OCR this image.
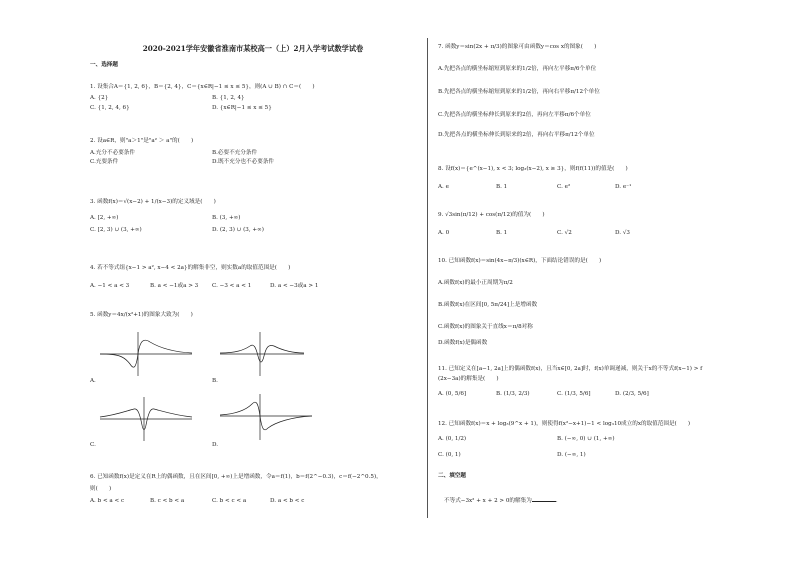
2020-2021学年安徽省淮南市某校高一（上）2月入学考试数学试卷
一、选择题
1. 设集合A＝{1, 2, 6}，B＝{2, 4}，C＝{x∈R|−1 ≤ x ≤ 5}，则(A ∪ B) ∩ C＝(　　)
A. {2}	B. {1, 2, 4}
C. {1, 2, 4, 6}	D. {x∈R|−1 ≤ x ≤ 5}
2. 设a∈R，则"a＞1"是"a² ＞ a"的(　　)
A.充分不必要条件	B.必要不充分条件
C.充要条件	D.既不充分也不必要条件
3. 函数f(x)＝√(x−2) + 1/(x−3)的定义域是(　　)
A. [2, +∞)	B. (3, +∞)
C. [2, 3) ∪ (3, +∞)	D. (2, 3) ∪ (3, +∞)
4. 若不等式组{x−1 > a², x−4 < 2a}的解集非空，则实数a的取值范围是(　　)
A. −1 < a < 3	B. a < −1或a > 3 C. −3 < a < 1	D. a < −3或a > 1
5. 函数y＝4x/(x²+1)的图象大致为(　　)
A.	B.
C.	D.
6. 已知函数f(x)是定义在R上的偶函数，且在区间[0, +∞)上是增函数，令a＝f(1)，b＝f(2^−0.3)，c＝f(−2^0.5)，
则(　　)
A. b < a < c	B. c < b < a	C. b < c < a	D. a < b < c
7. 函数y＝sin(2x + π/3)的图象可由函数y＝cos x的图象(　　)
A.先把各点的横坐标缩短到原来的1/2倍，再向左平移π/6个单位
B.先把各点的横坐标缩短到原来的1/2倍，再向右平移π/12个单位
C.先把各点的横坐标伸长到原来的2倍，再向左平移π/6个单位
D.先把各点的横坐标伸长到原来的2倍，再向右平移π/12个单位
8. 设f(x)＝{e^(x−1), x < 3; log₃(x−2), x ≥ 3}，则f(f(11))的值是(　　)
A. e	B. 1	C. e²	D. e⁻¹
9. √3sin(π/12) + cos(π/12)的值为(　　)
A. 0	B. 1	C. √2	D. √3
10. 已知函数f(x)＝sin(4x−π/3)(x∈R)，下面结论错误的是(　　)
A.函数f(x)的最小正周期为π/2
B.函数f(x)在区间[0, 5π/24]上是增函数
C.函数f(x)的图象关于直线x＝π/8对称
D.函数f(x)是偶函数
11. 已知定义在[a−1, 2a]上的偶函数f(x)，且当x∈[0, 2a]时，f(x)单调递减，则关于x的不等式f(x−1) > f
(2x−3a)的解集是(　　)
A. (0, 5/6]	B. (1/3, 2/3)	C. (1/3, 5/6]	D. (2/3, 5/6]
12. 已知函数f(x)＝x + log₃(9^x + 1)，则使得f(x²−x+1)−1 < log₃10成立的x的取值范围是(　　)
A. (0, 1/2)	B. (−∞, 0) ∪ (1, +∞)
C. (0, 1)	D. (−∞, 1)
二、填空题
不等式−3x² + x + 2 > 0的解集为	.
